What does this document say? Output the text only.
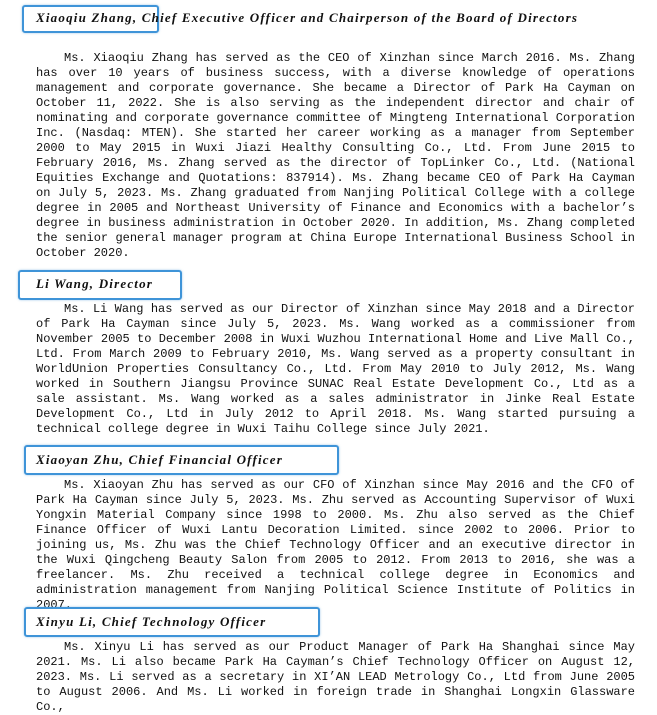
Xiaoqiu Zhang, Chief Executive Officer and Chairperson of the Board of Directors

Ms. Xiaoqiu Zhang has served as the CEO of Xinzhan since March 2016. Ms. Zhang has over 10 years of business success, with a diverse knowledge of operations management and corporate governance. She became a Director of Park Ha Cayman on October 11, 2022. She is also serving as the independent director and chair of nominating and corporate governance committee of Mingteng International Corporation Inc. (Nasdaq: MTEN). She started her career working as a manager from September 2000 to May 2015 in Wuxi Jiazi Healthy Consulting Co., Ltd. From June 2015 to February 2016, Ms. Zhang served as the director of TopLinker Co., Ltd. (National Equities Exchange and Quotations: 837914). Ms. Zhang became CEO of Park Ha Cayman on July 5, 2023. Ms. Zhang graduated from Nanjing Political College with a college degree in 2005 and Northeast University of Finance and Economics with a bachelor’s degree in business administration in October 2020. In addition, Ms. Zhang completed the senior general manager program at China Europe International Business School in October 2020.

Li Wang, Director

Ms. Li Wang has served as our Director of Xinzhan since May 2018 and a Director of Park Ha Cayman since July 5, 2023. Ms. Wang worked as a commissioner from November 2005 to December 2008 in Wuxi Wuzhou International Home and Live Mall Co., Ltd. From March 2009 to February 2010, Ms. Wang served as a property consultant in WorldUnion Properties Consultancy Co., Ltd. From May 2010 to July 2012, Ms. Wang worked in Southern Jiangsu Province SUNAC Real Estate Development Co., Ltd as a sale assistant. Ms. Wang worked as a sales administrator in Jinke Real Estate Development Co., Ltd in July 2012 to April 2018. Ms. Wang started pursuing a technical college degree in Wuxi Taihu College since July 2021.

Xiaoyan Zhu, Chief Financial Officer

Ms. Xiaoyan Zhu has served as our CFO of Xinzhan since May 2016 and the CFO of Park Ha Cayman since July 5, 2023. Ms. Zhu served as Accounting Supervisor of Wuxi Yongxin Material Company since 1998 to 2000. Ms. Zhu also served as the Chief Finance Officer of Wuxi Lantu Decoration Limited. since 2002 to 2006. Prior to joining us, Ms. Zhu was the Chief Technology Officer and an executive director in the Wuxi Qingcheng Beauty Salon from 2005 to 2012. From 2013 to 2016, she was a freelancer. Ms. Zhu received a technical college degree in Economics and administration management from Nanjing Political Science Institute of Politics in 2007.

Xinyu Li, Chief Technology Officer

Ms. Xinyu Li has served as our Product Manager of Park Ha Shanghai since May 2021. Ms. Li also became Park Ha Cayman’s Chief Technology Officer on August 12, 2023. Ms. Li served as a secretary in XI’AN LEAD Metrology Co., Ltd from June 2005 to August 2006. And Ms. Li worked in foreign trade in Shanghai Longxin Glassware Co.,
